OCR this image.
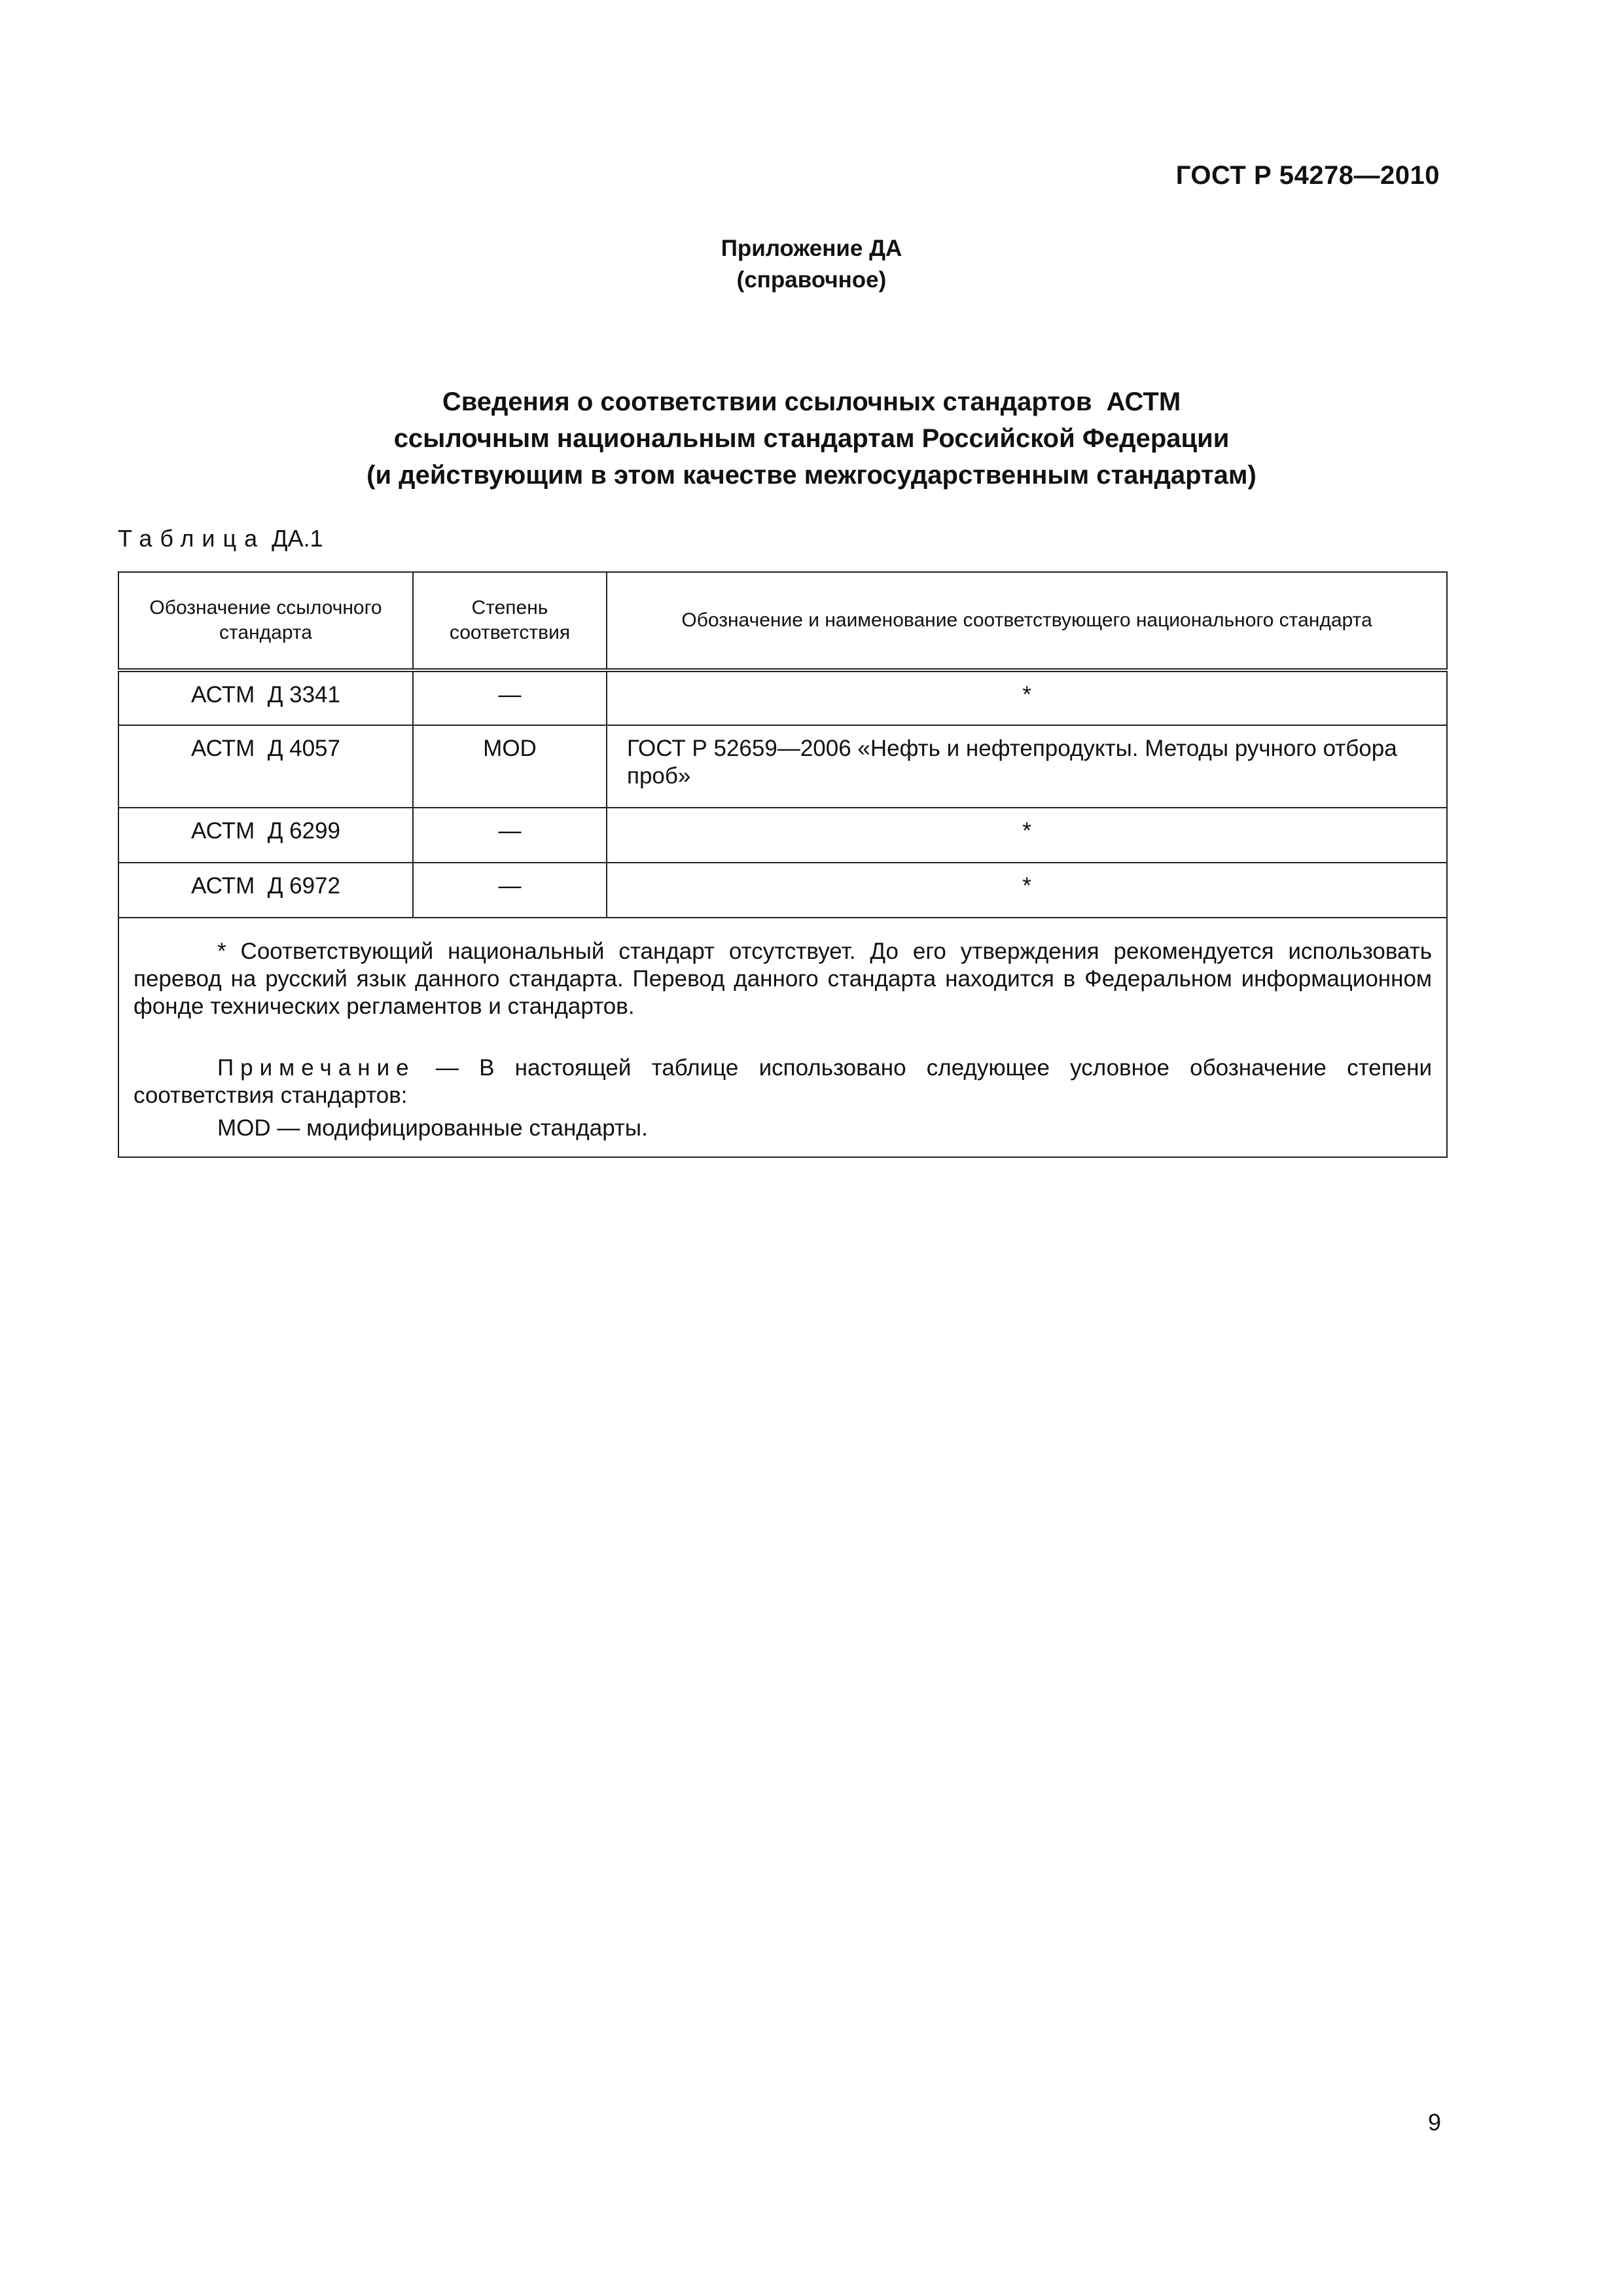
ГОСТ Р 54278—2010
Приложение ДА
(справочное)
Сведения о соответствии ссылочных стандартов  АСТМ
ссылочным национальным стандартам Российской Федерации
(и действующим в этом качестве межгосударственным стандартам)
Таблица ДА.1
Обозначение ссылочного стандарта	Степень соответствия	Обозначение и наименование соответствующего национального стандарта
АСТМ  Д 3341	—	*
АСТМ  Д 4057	MOD	ГОСТ Р 52659—2006 «Нефть и нефтепродукты. Методы ручного отбора проб»
АСТМ  Д 6299	—	*
АСТМ  Д 6972	—	*

* Соответствующий национальный стандарт отсутствует. До его утверждения рекомендуется использовать перевод на русский язык данного стандарта. Перевод данного стандарта находится в Федеральном информационном фонде технических регламентов и стандартов.
Примечание — В настоящей таблице использовано следующее условное обозначение степени соответствия стандартов:
MOD — модифицированные стандарты.		
9
